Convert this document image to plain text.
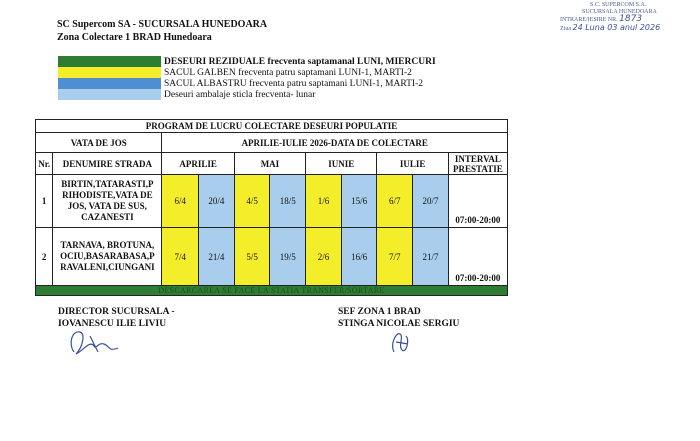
SC Supercom SA - SUCURSALA HUNEDOARA
Zona Colectare 1 BRAD Hunedoara
S.C. SUPERCOM S.A.
SUCURSALA HUNEDOARA
INTRARE/IESIRE NR. 1873
Ziua 24 Luna 03 anul 2026
DESEURI REZIDUALE frecventa saptamanal LUNI, MIERCURI
SACUL GALBEN frecventa patru saptamani LUNI-1, MARTI-2
SACUL ALBASTRU frecventa patru saptamani LUNI-1, MARTI-2
Deseuri ambalaje sticla frecventa- lunar
PROGRAM DE LUCRU COLECTARE DESEURI POPULATIE										
VATA DE JOS		APRILIE-IULIE 2026-DATA DE COLECTARE								
Nr.	DENUMIRE STRADA	APRILIE		MAI		IUNIE		IULIE		INTERVAL PRESTATIE
1	BIRTIN,TATARASTI,P RIHODISTE,VATA DE JOS, VATA DE SUS, CAZANESTI	6/4	20/4	4/5	18/5	1/6	15/6	6/7	20/7	07:00-20:00
2	TARNAVA, BROTUNA, OCIU,BASARABASA,P RAVALENI,CIUNGANI	7/4	21/4	5/5	19/5	2/6	16/6	7/7	21/7	07:00-20:00
DESCARCAREA SE FACE LA STATIA TRANSFER/SORTARE										
DIRECTOR SUCURSALA -
IOVANESCU ILIE LIVIU
SEF ZONA 1 BRAD
STINGA NICOLAE SERGIU
